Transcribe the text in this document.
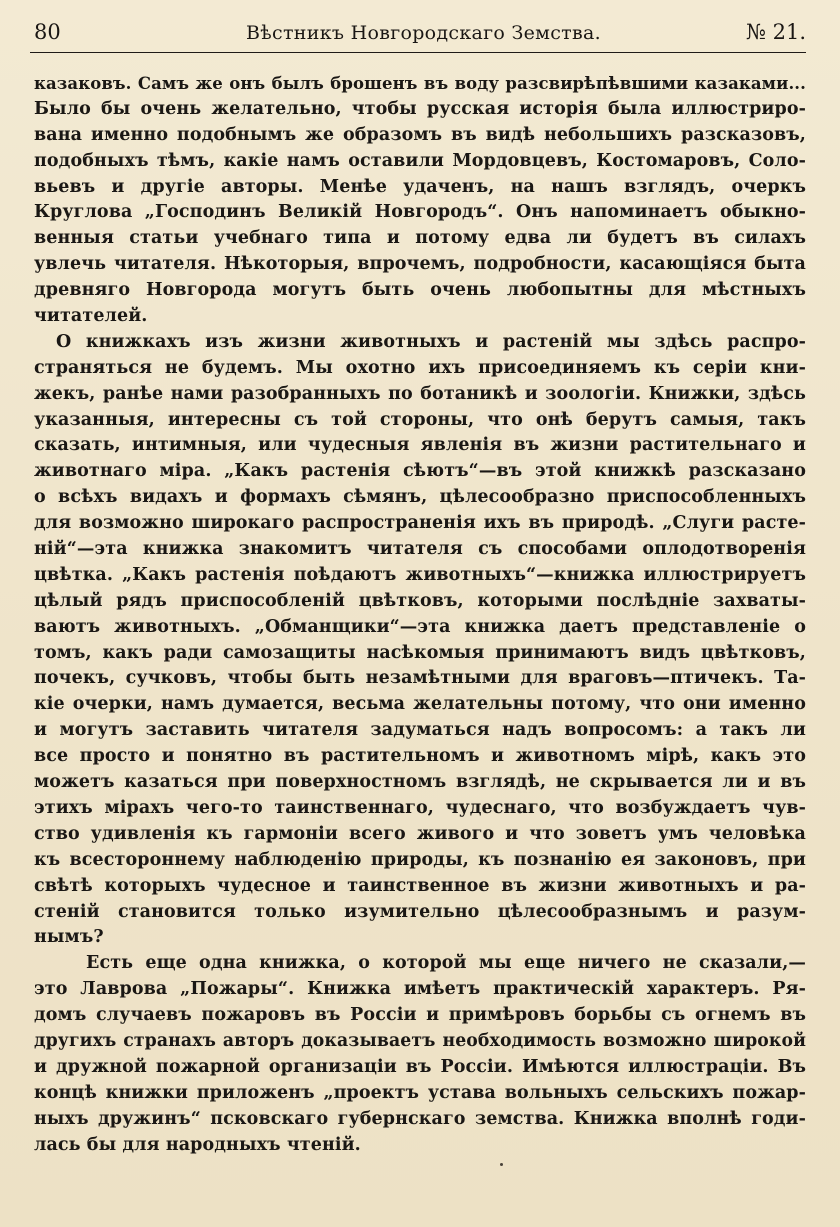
80	Вѣстникъ Новгородскаго Земства.	№ 21.
казаковъ. Самъ же онъ былъ брошенъ въ воду разсвирѣпѣвшими казаками...
Было бы очень желательно, чтобы русская исторія была иллюстриро-
вана именно подобнымъ же образомъ въ видѣ небольшихъ разсказовъ,
подобныхъ тѣмъ, какіе намъ оставили Мордовцевъ, Костомаровъ, Соло-
вьевъ и другіе авторы. Менѣе удаченъ, на нашъ взглядъ, очеркъ
Круглова „Господинъ Великій Новгородъ“. Онъ напоминаетъ обыкно-
венныя статьи учебнаго типа и потому едва ли будетъ въ силахъ
увлечь читателя. Нѣкоторыя, впрочемъ, подробности, касающіяся быта
древняго Новгорода могутъ быть очень любопытны для мѣстныхъ
читателей.
О книжкахъ изъ жизни животныхъ и растеній мы здѣсь распро-
страняться не будемъ. Мы охотно ихъ присоединяемъ къ серіи кни-
жекъ, ранѣе нами разобранныхъ по ботаникѣ и зоологіи. Книжки, здѣсь
указанныя, интересны съ той стороны, что онѣ берутъ самыя, такъ
сказать, интимныя, или чудесныя явленія въ жизни растительнаго и
животнаго міра. „Какъ растенія сѣютъ“—въ этой книжкѣ разсказано
о всѣхъ видахъ и формахъ сѣмянъ, цѣлесообразно приспособленныхъ
для возможно широкаго распространенія ихъ въ природѣ. „Слуги расте-
ній“—эта книжка знакомитъ читателя съ способами оплодотворенія
цвѣтка. „Какъ растенія поѣдаютъ животныхъ“—книжка иллюстрируетъ
цѣлый рядъ приспособленій цвѣтковъ, которыми послѣдніе захваты-
ваютъ животныхъ. „Обманщики“—эта книжка даетъ представленіе о
томъ, какъ ради самозащиты насѣкомыя принимаютъ видъ цвѣтковъ,
почекъ, сучковъ, чтобы быть незамѣтными для враговъ—птичекъ. Та-
кіе очерки, намъ думается, весьма желательны потому, что они именно
и могутъ заставить читателя задуматься надъ вопросомъ: а такъ ли
все просто и понятно въ растительномъ и животномъ мірѣ, какъ это
можетъ казаться при поверхностномъ взглядѣ, не скрывается ли и въ
этихъ мірахъ чего-то таинственнаго, чудеснаго, что возбуждаетъ чув-
ство удивленія къ гармоніи всего живого и что зоветъ умъ человѣка
къ всестороннему наблюденію природы, къ познанію ея законовъ, при
свѣтѣ которыхъ чудесное и таинственное въ жизни животныхъ и ра-
стеній становится только изумительно цѣлесообразнымъ и разум-
нымъ?
Есть еще одна книжка, о которой мы еще ничего не сказали,—
это Лаврова „Пожары“. Книжка имѣетъ практическій характеръ. Ря-
домъ случаевъ пожаровъ въ Россіи и примѣровъ борьбы съ огнемъ въ
другихъ странахъ авторъ доказываетъ необходимость возможно широкой
и дружной пожарной организаціи въ Россіи. Имѣются иллюстраціи. Въ
концѣ книжки приложенъ „проектъ устава вольныхъ сельскихъ пожар-
ныхъ дружинъ“ псковскаго губернскаго земства. Книжка вполнѣ годи-
лась бы для народныхъ чтеній.
